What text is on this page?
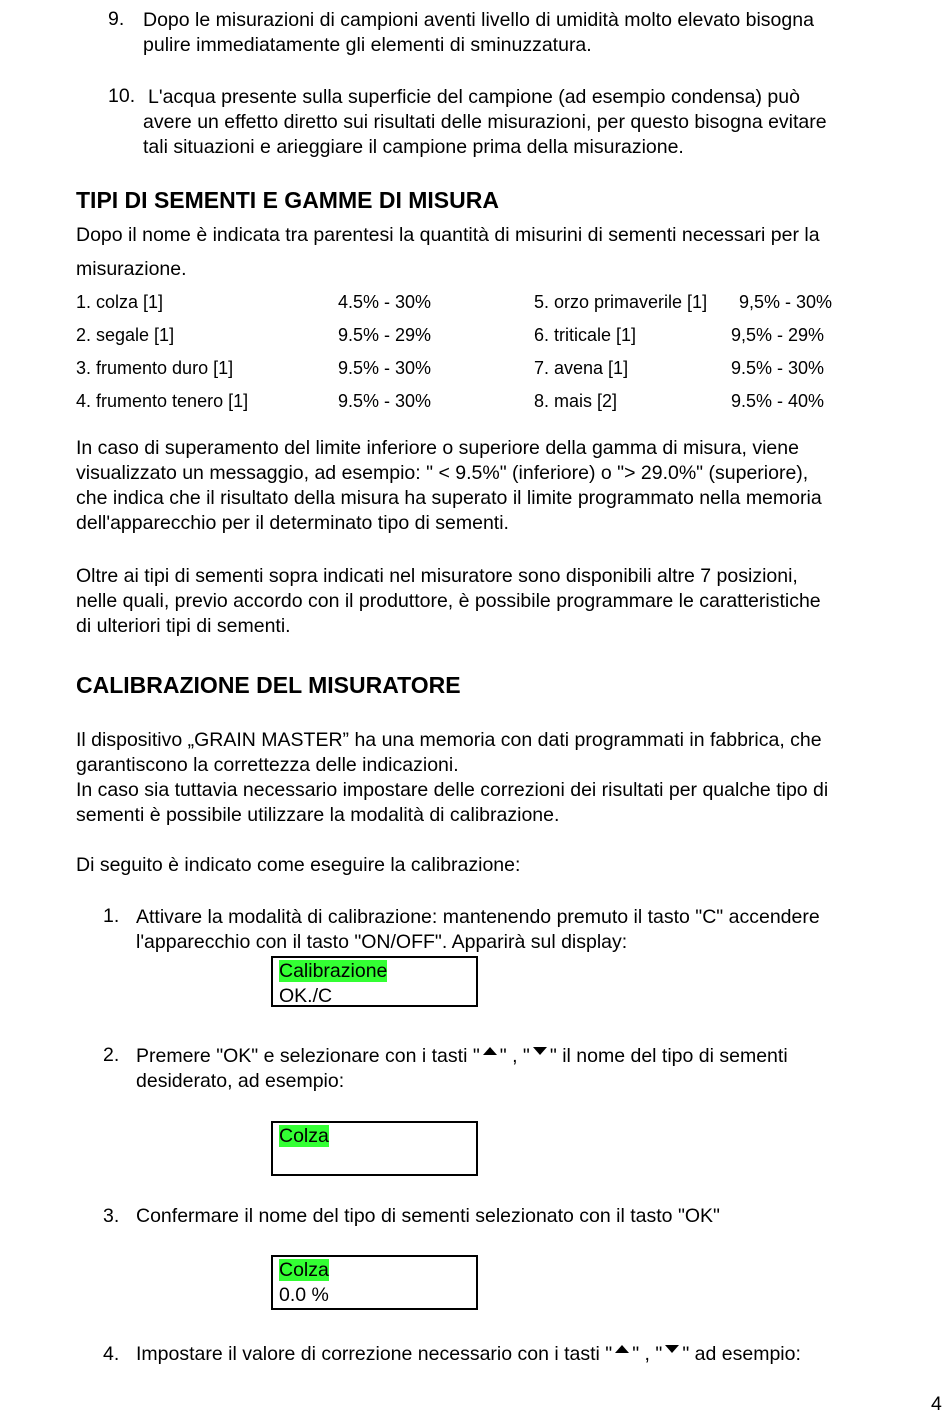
9. Dopo le misurazioni di campioni aventi livello di umidità molto elevato bisogna
pulire immediatamente gli elementi di sminuzzatura.
10. L'acqua presente sulla superficie del campione (ad esempio condensa) può
avere un effetto diretto sui risultati delle misurazioni, per questo bisogna evitare
tali situazioni e arieggiare il campione prima della misurazione.
TIPI DI SEMENTI E GAMME DI MISURA
Dopo il nome è indicata tra parentesi la quantità di misurini di sementi necessari per la
misurazione.
1. colza [1]	4.5% - 30%	5. orzo primaverile [1] 9,5% - 30%
2. segale [1]	9.5% - 29%	6. triticale [1]	9,5% - 29%
3. frumento duro [1]	9.5% - 30%	7. avena [1]	9.5% - 30%
4. frumento tenero [1]	9.5% - 30%	8. mais [2]	9.5% - 40%
In caso di superamento del limite inferiore o superiore della gamma di misura, viene
visualizzato un messaggio, ad esempio: " < 9.5%" (inferiore) o "> 29.0%" (superiore),
che indica che il risultato della misura ha superato il limite programmato nella memoria
dell'apparecchio per il determinato tipo di sementi.
Oltre ai tipi di sementi sopra indicati nel misuratore sono disponibili altre 7 posizioni,
nelle quali, previo accordo con il produttore, è possibile programmare le caratteristiche
di ulteriori tipi di sementi.
CALIBRAZIONE DEL MISURATORE
Il dispositivo „GRAIN MASTER” ha una memoria con dati programmati in fabbrica, che
garantiscono la correttezza delle indicazioni.
In caso sia tuttavia necessario impostare delle correzioni dei risultati per qualche tipo di
sementi è possibile utilizzare la modalità di calibrazione.
Di seguito è indicato come eseguire la calibrazione:
1. Attivare la modalità di calibrazione: mantenendo premuto il tasto "C" accendere
l'apparecchio con il tasto "ON/OFF". Apparirà sul display:
Calibrazione
OK./C
2. Premere "OK" e selezionare con i tasti " " , " " il nome del tipo di sementi
desiderato, ad esempio:
Colza
3. Confermare il nome del tipo di sementi selezionato con il tasto "OK"
Colza
0.0 %
4. Impostare il valore di correzione necessario con i tasti " " , " " ad esempio:
4
